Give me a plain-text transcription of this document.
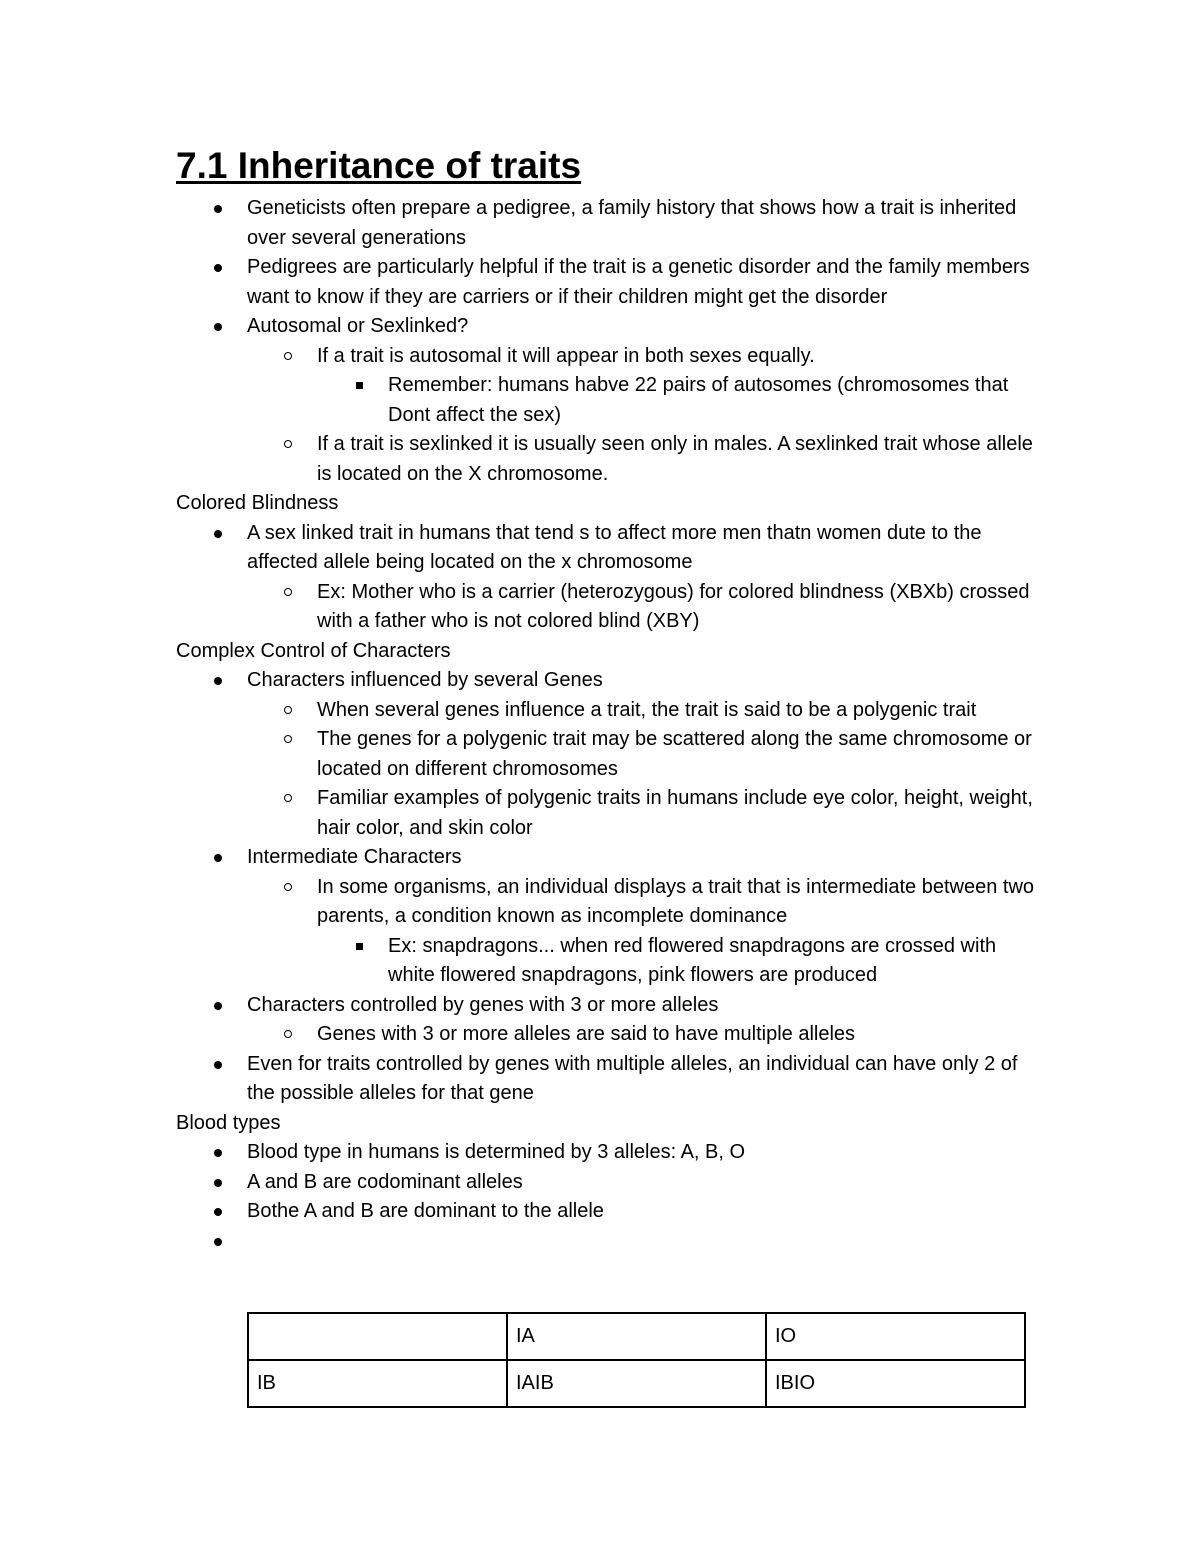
7.1 Inheritance of traits
Geneticists often prepare a pedigree, a family history that shows how a trait is inherited over several generations
Pedigrees are particularly helpful if the trait is a genetic disorder and the family members want to know if they are carriers or if their children might get the disorder
Autosomal or Sexlinked?
If a trait is autosomal it will appear in both sexes equally.
Remember: humans habve 22 pairs of autosomes (chromosomes that Dont affect the sex)
If a trait is sexlinked it is usually seen only in males. A sexlinked trait whose allele is located on the X chromosome.
Colored Blindness
A sex linked trait in humans that tend s to affect more men thatn women dute to the affected allele being located on the x chromosome
Ex: Mother who is a carrier (heterozygous) for colored blindness (XBXb) crossed with a father who is not colored blind (XBY)
Complex Control of Characters
Characters influenced by several Genes
When several genes influence a trait, the trait is said to be a polygenic trait
The genes for a polygenic trait may be scattered along the same chromosome or located on different chromosomes
Familiar examples of polygenic traits in humans include eye color, height, weight, hair color, and skin color
Intermediate Characters
In some organisms, an individual displays a trait that is intermediate between two parents, a condition known as incomplete dominance
Ex: snapdragons... when red flowered snapdragons are crossed with white flowered snapdragons, pink flowers are produced
Characters controlled by genes with 3 or more alleles
Genes with 3 or more alleles are said to have multiple alleles
Even for traits controlled by genes with multiple alleles, an individual can have only 2 of the possible alleles for that gene
Blood types
Blood type in humans is determined by 3 alleles: A, B, O
A and B are codominant alleles
Bothe A and B are dominant to the allele
	IA	IO
IB	IAIB	IBIO
